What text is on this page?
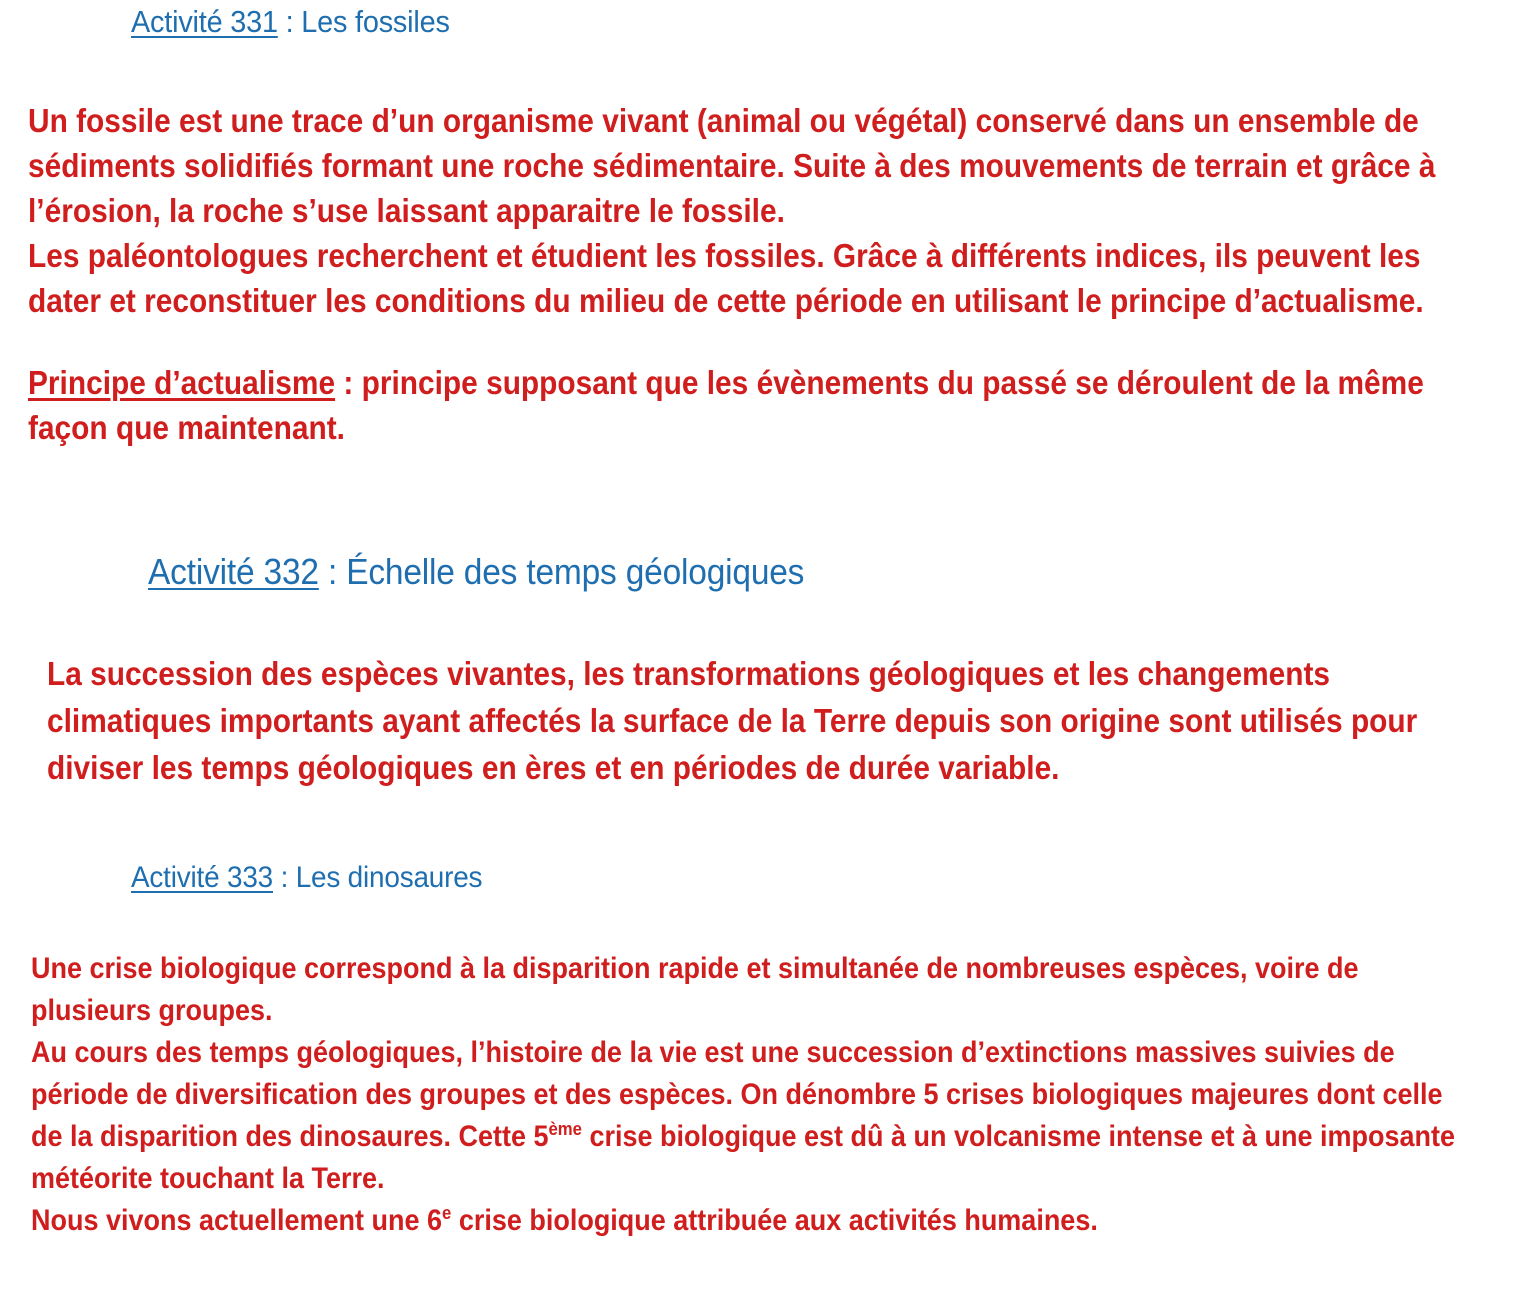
Activité 331 : Les fossiles

Un fossile est une trace d’un organisme vivant (animal ou végétal) conservé dans un ensemble de sédiments solidifiés formant une roche sédimentaire. Suite à des mouvements de terrain et grâce à l’érosion, la roche s’use laissant apparaitre le fossile.

Les paléontologues recherchent et étudient les fossiles. Grâce à différents indices, ils peuvent les dater et reconstituer les conditions du milieu de cette période en utilisant le principe d’actualisme.

Principe d’actualisme : principe supposant que les évènements du passé se déroulent de la même façon que maintenant.

Activité 332 : Échelle des temps géologiques

La succession des espèces vivantes, les transformations géologiques et les changements climatiques importants ayant affectés la surface de la Terre depuis son origine sont utilisés pour diviser les temps géologiques en ères et en périodes de durée variable.

Activité 333 : Les dinosaures

Une crise biologique correspond à la disparition rapide et simultanée de nombreuses espèces, voire de plusieurs groupes.

Au cours des temps géologiques, l’histoire de la vie est une succession d’extinctions massives suivies de période de diversification des groupes et des espèces. On dénombre 5 crises biologiques majeures dont celle de la disparition des dinosaures. Cette 5ème crise biologique est dû à un volcanisme intense et à une imposante météorite touchant la Terre.

Nous vivons actuellement une 6e crise biologique attribuée aux activités humaines.
